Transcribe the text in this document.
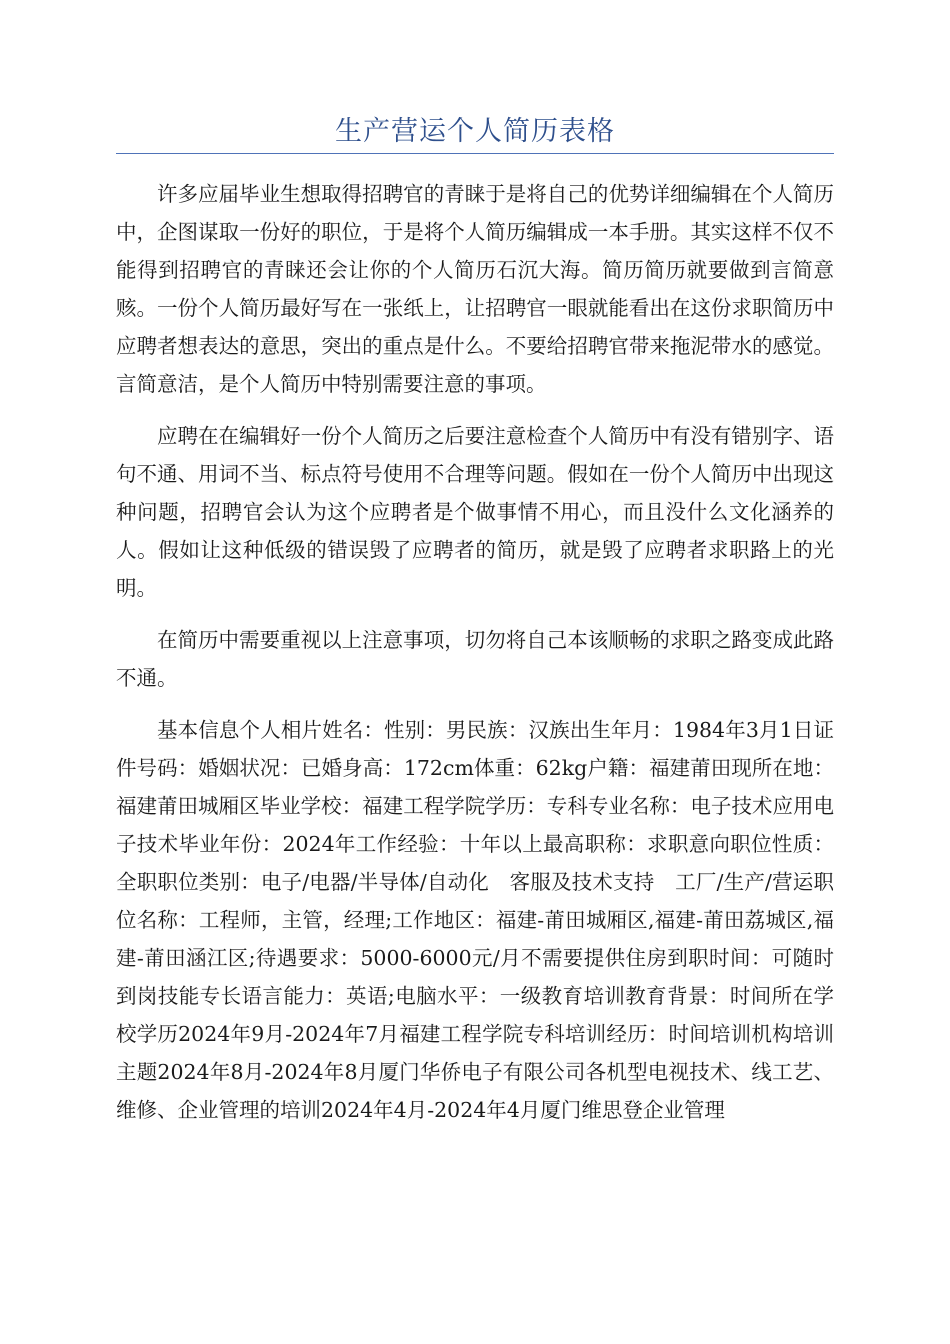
生产营运个人简历表格

许多应届毕业生想取得招聘官的青睐于是将自己的优势详细编辑在个人简历中，企图谋取一份好的职位，于是将个人简历编辑成一本手册。其实这样不仅不能得到招聘官的青睐还会让你的个人简历石沉大海。简历简历就要做到言简意赅。一份个人简历最好写在一张纸上，让招聘官一眼就能看出在这份求职简历中应聘者想表达的意思，突出的重点是什么。不要给招聘官带来拖泥带水的感觉。言简意洁，是个人简历中特别需要注意的事项。

应聘在在编辑好一份个人简历之后要注意检查个人简历中有没有错别字、语句不通、用词不当、标点符号使用不合理等问题。假如在一份个人简历中出现这种问题，招聘官会认为这个应聘者是个做事情不用心，而且没什么文化涵养的人。假如让这种低级的错误毁了应聘者的简历，就是毁了应聘者求职路上的光明。

在简历中需要重视以上注意事项，切勿将自己本该顺畅的求职之路变成此路不通。

基本信息个人相片姓名：性别：男民族：汉族出生年月：1984年3月1日证件号码：婚姻状况：已婚身高：172cm体重：62kg户籍：福建莆田现所在地：福建莆田城厢区毕业学校：福建工程学院学历：专科专业名称：电子技术应用电子技术毕业年份：2024年工作经验：十年以上最高职称：求职意向职位性质：全职职位类别：电子/电器/半导体/自动化　客服及技术支持　工厂/生产/营运职位名称：工程师，主管，经理;工作地区：福建-莆田城厢区,福建-莆田荔城区,福建-莆田涵江区;待遇要求：5000-6000元/月不需要提供住房到职时间：可随时到岗技能专长语言能力：英语;电脑水平：一级教育培训教育背景：时间所在学校学历2024年9月-2024年7月福建工程学院专科培训经历：时间培训机构培训主题2024年8月-2024年8月厦门华侨电子有限公司各机型电视技术、线工艺、维修、企业管理的培训2024年4月-2024年4月厦门维思登企业管理
